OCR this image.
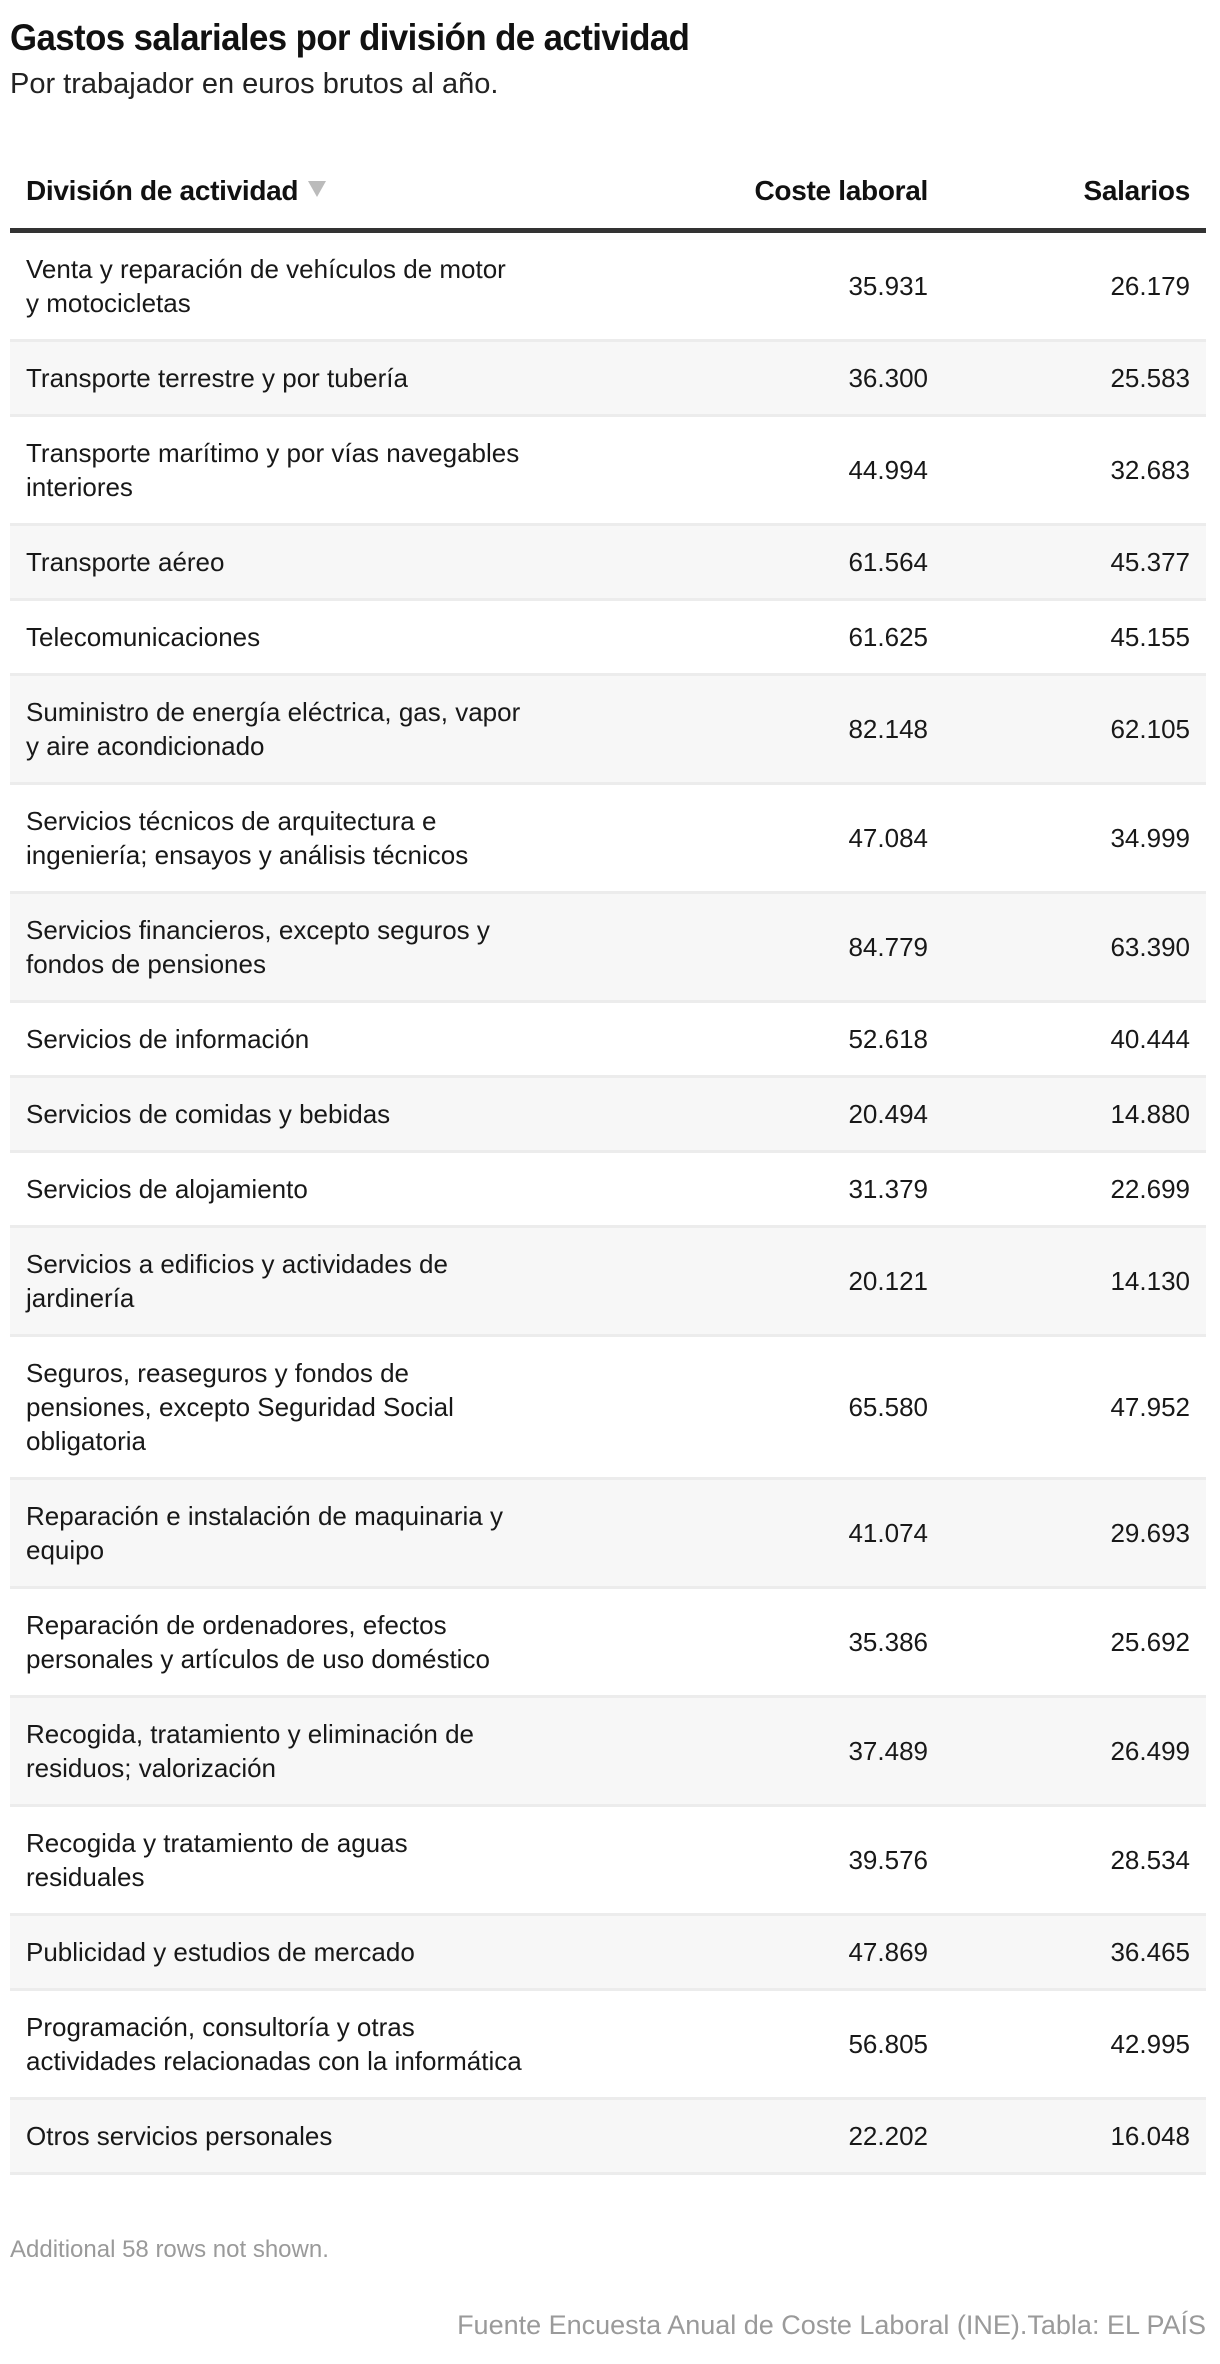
Gastos salariales por división de actividad
Por trabajador en euros brutos al año.
División de actividad	Coste laboral	Salarios
Venta y reparación de vehículos de motor y motocicletas	35.931	26.179
Transporte terrestre y por tubería	36.300	25.583
Transporte marítimo y por vías navegables interiores	44.994	32.683
Transporte aéreo	61.564	45.377
Telecomunicaciones	61.625	45.155
Suministro de energía eléctrica, gas, vapor y aire acondicionado	82.148	62.105
Servicios técnicos de arquitectura e ingeniería; ensayos y análisis técnicos	47.084	34.999
Servicios financieros, excepto seguros y fondos de pensiones	84.779	63.390
Servicios de información	52.618	40.444
Servicios de comidas y bebidas	20.494	14.880
Servicios de alojamiento	31.379	22.699
Servicios a edificios y actividades de jardinería	20.121	14.130
Seguros, reaseguros y fondos de pensiones, excepto Seguridad Social obligatoria	65.580	47.952
Reparación e instalación de maquinaria y equipo	41.074	29.693
Reparación de ordenadores, efectos personales y artículos de uso doméstico	35.386	25.692
Recogida, tratamiento y eliminación de residuos; valorización	37.489	26.499
Recogida y tratamiento de aguas residuales	39.576	28.534
Publicidad y estudios de mercado	47.869	36.465
Programación, consultoría y otras actividades relacionadas con la informática	56.805	42.995
Otros servicios personales	22.202	16.048
Additional 58 rows not shown.
Fuente Encuesta Anual de Coste Laboral (INE).Tabla: EL PAÍS
